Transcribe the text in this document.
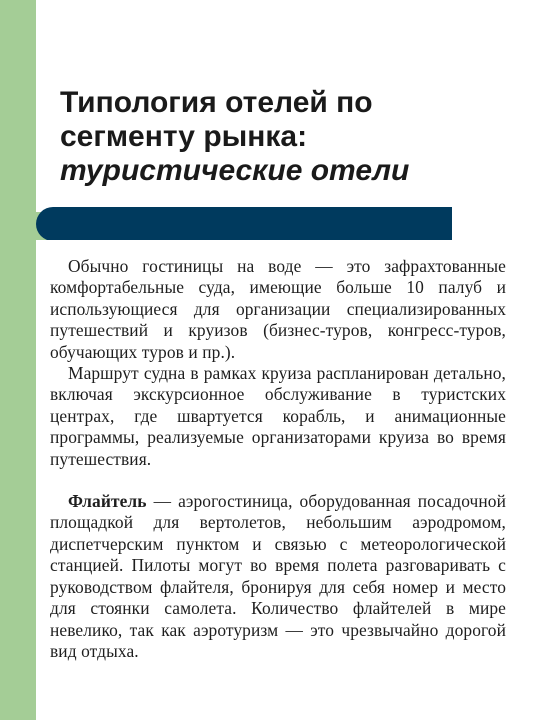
Типология отелей по
сегменту рынка:
туристические отели

Обычно гостиницы на воде — это зафрахтованные комфортабельные суда, имеющие больше 10 палуб и использующиеся для организации специализированных путешествий и круизов (бизнес-туров, конгресс-туров, обучающих туров и пр.).

Маршрут судна в рамках круиза распланирован детально, включая экскурсионное обслуживание в туристских центрах, где швартуется корабль, и анимационные программы, реализуемые организаторами круиза во время путешествия.

Флайтель — аэрогостиница, оборудованная посадочной площадкой для вертолетов, небольшим аэродромом, диспетчерским пунктом и связью с метеорологической станцией. Пилоты могут во время полета разговаривать с руководством флайтеля, бронируя для себя номер и место для стоянки самолета. Количество флайтелей в мире невелико, так как аэротуризм — это чрезвычайно дорогой вид отдыха.
